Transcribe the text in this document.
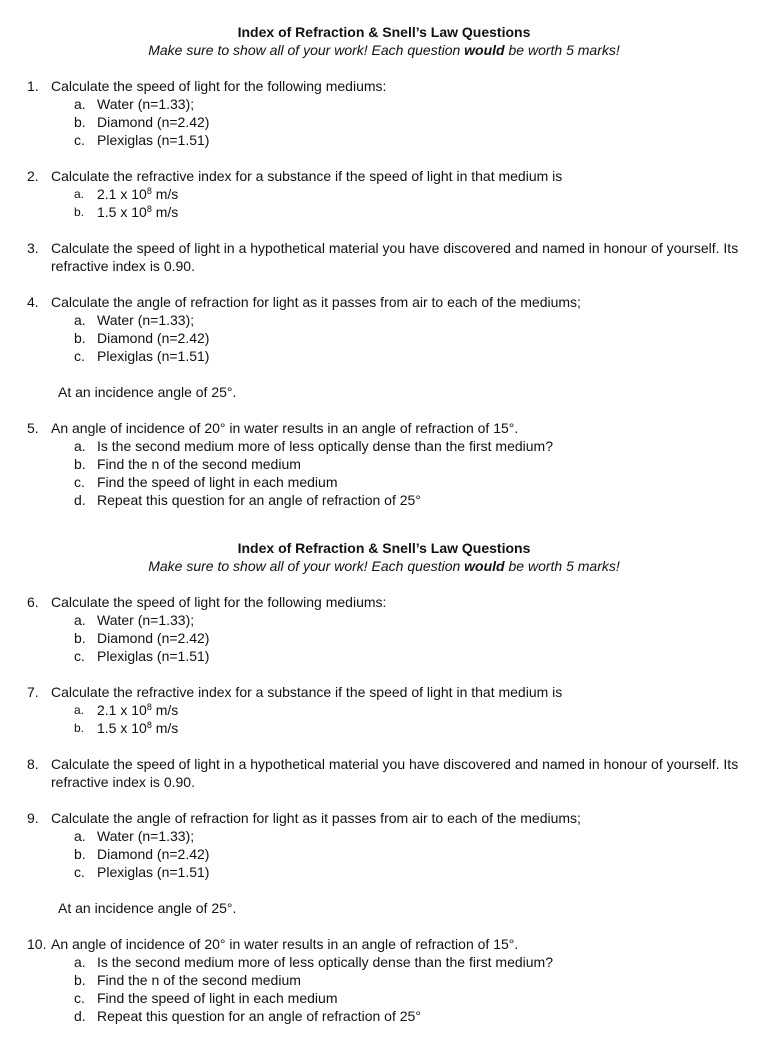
Index of Refraction & Snell’s Law Questions
Make sure to show all of your work! Each question would be worth 5 marks!
1. Calculate the speed of light for the following mediums:
a. Water (n=1.33);
b. Diamond (n=2.42)
c. Plexiglas (n=1.51)
2. Calculate the refractive index for a substance if the speed of light in that medium is
a. 2.1 x $10^8$ m/s
b. 1.5 x $10^8$ m/s
3. Calculate the speed of light in a hypothetical material you have discovered and named in honour of yourself. Its refractive index is 0.90.
4. Calculate the angle of refraction for light as it passes from air to each of the mediums;
a. Water (n=1.33);
b. Diamond (n=2.42)
c. Plexiglas (n=1.51)
At an incidence angle of 25°.
5. An angle of incidence of 20° in water results in an angle of refraction of 15°.
a. Is the second medium more of less optically dense than the first medium?
b. Find the n of the second medium
c. Find the speed of light in each medium
d. Repeat this question for an angle of refraction of 25°
Index of Refraction & Snell’s Law Questions
Make sure to show all of your work! Each question would be worth 5 marks!
6. Calculate the speed of light for the following mediums:
a. Water (n=1.33);
b. Diamond (n=2.42)
c. Plexiglas (n=1.51)
7. Calculate the refractive index for a substance if the speed of light in that medium is
a. 2.1 x $10^8$ m/s
b. 1.5 x $10^8$ m/s
8. Calculate the speed of light in a hypothetical material you have discovered and named in honour of yourself. Its refractive index is 0.90.
9. Calculate the angle of refraction for light as it passes from air to each of the mediums;
a. Water (n=1.33);
b. Diamond (n=2.42)
c. Plexiglas (n=1.51)
At an incidence angle of 25°.
10. An angle of incidence of 20° in water results in an angle of refraction of 15°.
a. Is the second medium more of less optically dense than the first medium?
b. Find the n of the second medium
c. Find the speed of light in each medium
d. Repeat this question for an angle of refraction of 25°
